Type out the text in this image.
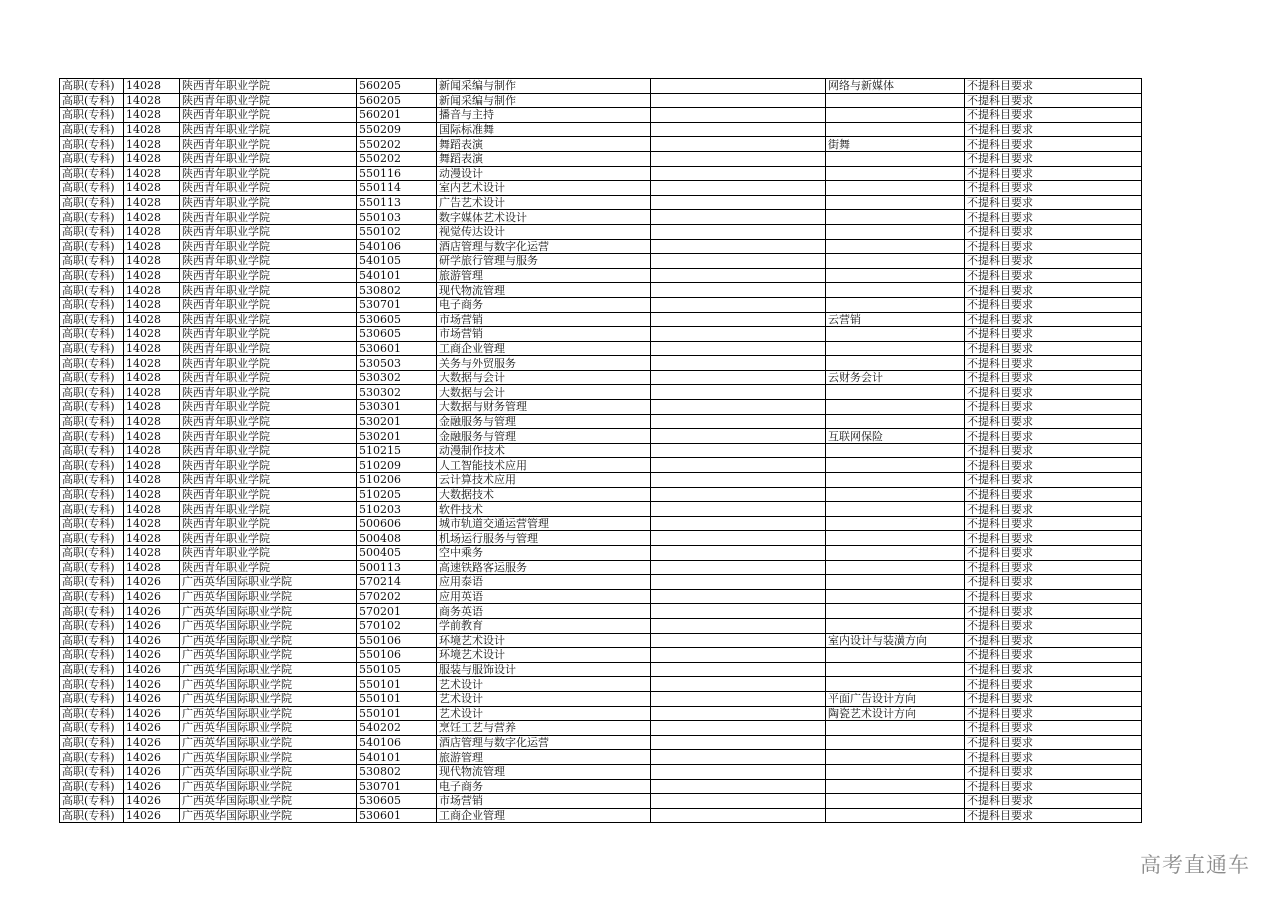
高职(专科)	14028	陕西青年职业学院	560205	新闻采编与制作		网络与新媒体	不提科目要求
高职(专科)	14028	陕西青年职业学院	560205	新闻采编与制作			不提科目要求
高职(专科)	14028	陕西青年职业学院	560201	播音与主持			不提科目要求
高职(专科)	14028	陕西青年职业学院	550209	国际标准舞			不提科目要求
高职(专科)	14028	陕西青年职业学院	550202	舞蹈表演		街舞	不提科目要求
高职(专科)	14028	陕西青年职业学院	550202	舞蹈表演			不提科目要求
高职(专科)	14028	陕西青年职业学院	550116	动漫设计			不提科目要求
高职(专科)	14028	陕西青年职业学院	550114	室内艺术设计			不提科目要求
高职(专科)	14028	陕西青年职业学院	550113	广告艺术设计			不提科目要求
高职(专科)	14028	陕西青年职业学院	550103	数字媒体艺术设计			不提科目要求
高职(专科)	14028	陕西青年职业学院	550102	视觉传达设计			不提科目要求
高职(专科)	14028	陕西青年职业学院	540106	酒店管理与数字化运营			不提科目要求
高职(专科)	14028	陕西青年职业学院	540105	研学旅行管理与服务			不提科目要求
高职(专科)	14028	陕西青年职业学院	540101	旅游管理			不提科目要求
高职(专科)	14028	陕西青年职业学院	530802	现代物流管理			不提科目要求
高职(专科)	14028	陕西青年职业学院	530701	电子商务			不提科目要求
高职(专科)	14028	陕西青年职业学院	530605	市场营销		云营销	不提科目要求
高职(专科)	14028	陕西青年职业学院	530605	市场营销			不提科目要求
高职(专科)	14028	陕西青年职业学院	530601	工商企业管理			不提科目要求
高职(专科)	14028	陕西青年职业学院	530503	关务与外贸服务			不提科目要求
高职(专科)	14028	陕西青年职业学院	530302	大数据与会计		云财务会计	不提科目要求
高职(专科)	14028	陕西青年职业学院	530302	大数据与会计			不提科目要求
高职(专科)	14028	陕西青年职业学院	530301	大数据与财务管理			不提科目要求
高职(专科)	14028	陕西青年职业学院	530201	金融服务与管理			不提科目要求
高职(专科)	14028	陕西青年职业学院	530201	金融服务与管理		互联网保险	不提科目要求
高职(专科)	14028	陕西青年职业学院	510215	动漫制作技术			不提科目要求
高职(专科)	14028	陕西青年职业学院	510209	人工智能技术应用			不提科目要求
高职(专科)	14028	陕西青年职业学院	510206	云计算技术应用			不提科目要求
高职(专科)	14028	陕西青年职业学院	510205	大数据技术			不提科目要求
高职(专科)	14028	陕西青年职业学院	510203	软件技术			不提科目要求
高职(专科)	14028	陕西青年职业学院	500606	城市轨道交通运营管理			不提科目要求
高职(专科)	14028	陕西青年职业学院	500408	机场运行服务与管理			不提科目要求
高职(专科)	14028	陕西青年职业学院	500405	空中乘务			不提科目要求
高职(专科)	14028	陕西青年职业学院	500113	高速铁路客运服务			不提科目要求
高职(专科)	14026	广西英华国际职业学院	570214	应用泰语			不提科目要求
高职(专科)	14026	广西英华国际职业学院	570202	应用英语			不提科目要求
高职(专科)	14026	广西英华国际职业学院	570201	商务英语			不提科目要求
高职(专科)	14026	广西英华国际职业学院	570102	学前教育			不提科目要求
高职(专科)	14026	广西英华国际职业学院	550106	环境艺术设计		室内设计与装潢方向	不提科目要求
高职(专科)	14026	广西英华国际职业学院	550106	环境艺术设计			不提科目要求
高职(专科)	14026	广西英华国际职业学院	550105	服装与服饰设计			不提科目要求
高职(专科)	14026	广西英华国际职业学院	550101	艺术设计			不提科目要求
高职(专科)	14026	广西英华国际职业学院	550101	艺术设计		平面广告设计方向	不提科目要求
高职(专科)	14026	广西英华国际职业学院	550101	艺术设计		陶瓷艺术设计方向	不提科目要求
高职(专科)	14026	广西英华国际职业学院	540202	烹饪工艺与营养			不提科目要求
高职(专科)	14026	广西英华国际职业学院	540106	酒店管理与数字化运营			不提科目要求
高职(专科)	14026	广西英华国际职业学院	540101	旅游管理			不提科目要求
高职(专科)	14026	广西英华国际职业学院	530802	现代物流管理			不提科目要求
高职(专科)	14026	广西英华国际职业学院	530701	电子商务			不提科目要求
高职(专科)	14026	广西英华国际职业学院	530605	市场营销			不提科目要求
高职(专科)	14026	广西英华国际职业学院	530601	工商企业管理			不提科目要求
高考直通车
